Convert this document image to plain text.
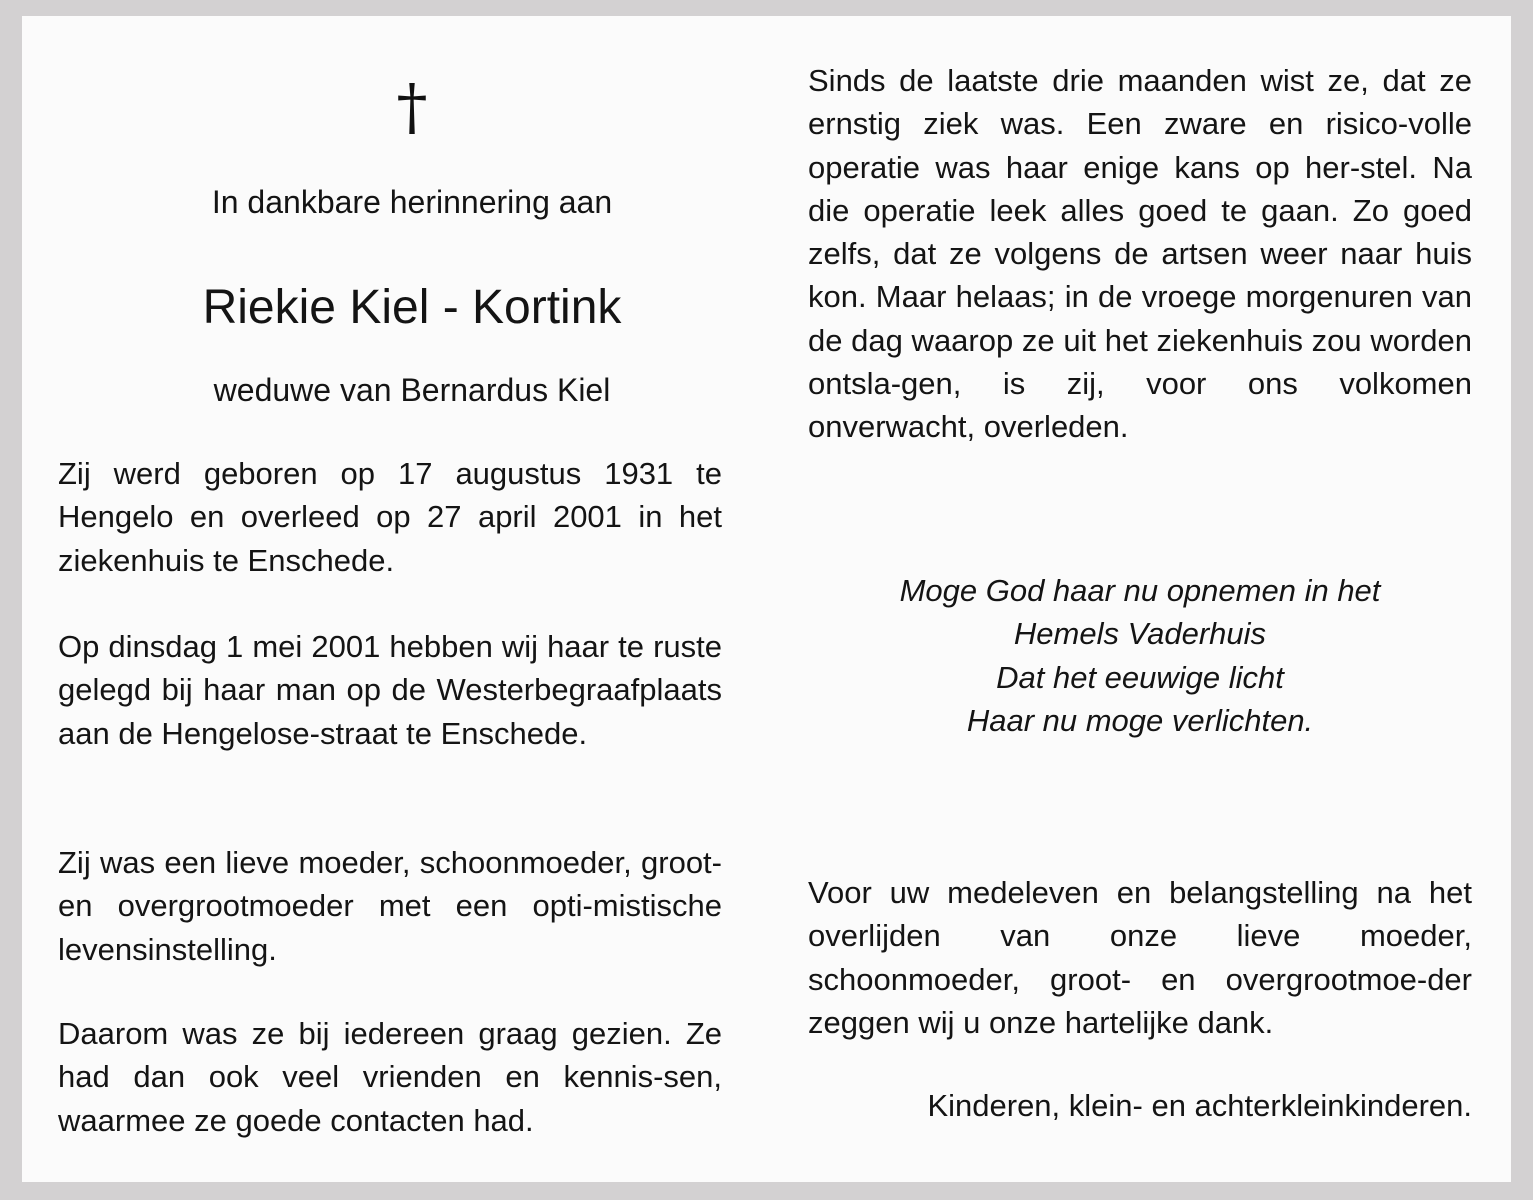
†
In dankbare herinnering aan
Riekie Kiel - Kortink
weduwe van Bernardus Kiel

Zij werd geboren op 17 augustus 1931 te Hengelo en overleed op 27 april 2001 in het ziekenhuis te Enschede.

Op dinsdag 1 mei 2001 hebben wij haar te ruste gelegd bij haar man op de Westerbegraafplaats aan de Hengelose-straat te Enschede.

Zij was een lieve moeder, schoonmoeder, groot- en overgrootmoeder met een opti-mistische levensinstelling.

Daarom was ze bij iedereen graag gezien. Ze had dan ook veel vrienden en kennis-sen, waarmee ze goede contacten had.

Sinds de laatste drie maanden wist ze, dat ze ernstig ziek was. Een zware en risico-volle operatie was haar enige kans op her-stel. Na die operatie leek alles goed te gaan. Zo goed zelfs, dat ze volgens de artsen weer naar huis kon. Maar helaas; in de vroege morgenuren van de dag waarop ze uit het ziekenhuis zou worden ontsla-gen, is zij, voor ons volkomen onverwacht, overleden.

Moge God haar nu opnemen in het
Hemels Vaderhuis
Dat het eeuwige licht
Haar nu moge verlichten.

Voor uw medeleven en belangstelling na het overlijden van onze lieve moeder, schoonmoeder, groot- en overgrootmoe-der zeggen wij u onze hartelijke dank.

Kinderen, klein- en achterkleinkinderen.
